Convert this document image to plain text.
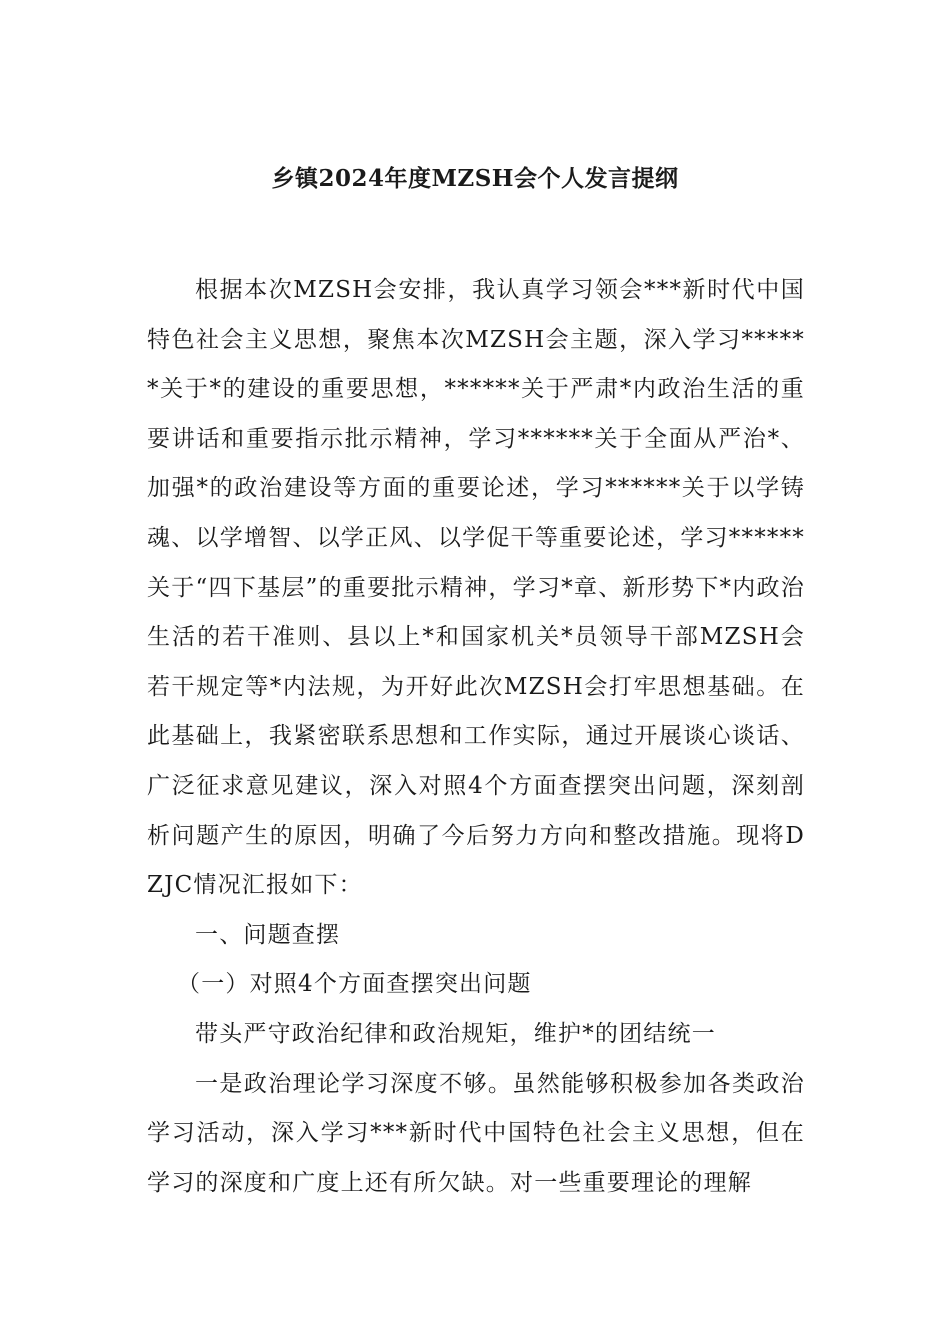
乡镇2024年度MZSH会个人发言提纲

根据本次MZSH会安排，我认真学习领会***新时代中国特色社会主义思想，聚焦本次MZSH会主题，深入学习******关于*的建设的重要思想，******关于严肃*内政治生活的重要讲话和重要指示批示精神，学习******关于全面从严治*、加强*的政治建设等方面的重要论述，学习******关于以学铸魂、以学增智、以学正风、以学促干等重要论述，学习******关于“四下基层”的重要批示精神，学习*章、新形势下*内政治生活的若干准则、县以上*和国家机关*员领导干部MZSH会若干规定等*内法规，为开好此次MZSH会打牢思想基础。在此基础上，我紧密联系思想和工作实际，通过开展谈心谈话、广泛征求意见建议，深入对照4个方面查摆突出问题，深刻剖析问题产生的原因，明确了今后努力方向和整改措施。现将DZJC情况汇报如下：

一、问题查摆

（一）对照4个方面查摆突出问题

带头严守政治纪律和政治规矩，维护*的团结统一

一是政治理论学习深度不够。虽然能够积极参加各类政治学习活动，深入学习***新时代中国特色社会主义思想，但在学习的深度和广度上还有所欠缺。对一些重要理论的理解
